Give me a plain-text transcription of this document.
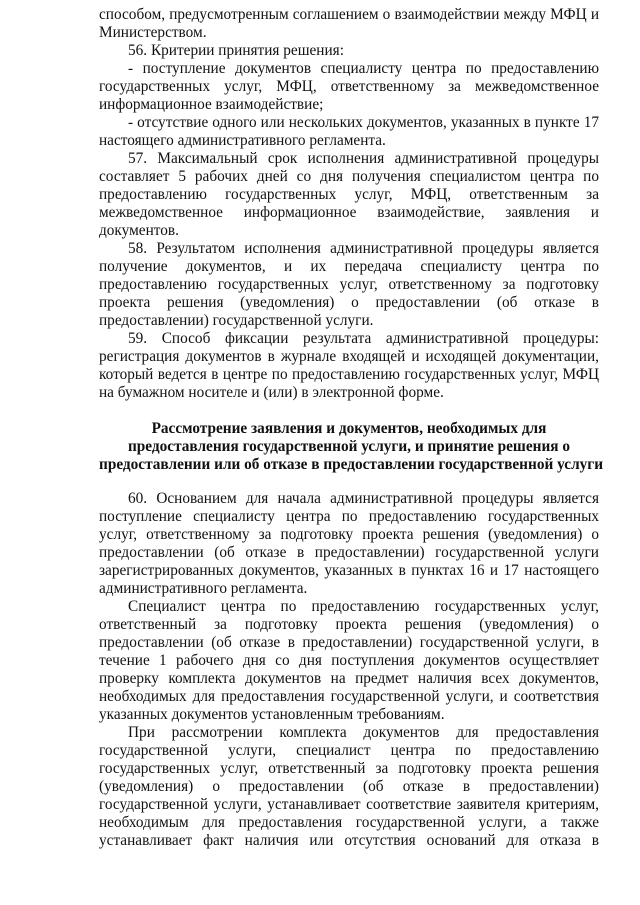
способом, предусмотренным соглашением о взаимодействии между МФЦ и Министерством.

56. Критерии принятия решения:

- поступление документов специалисту центра по предоставлению государственных услуг, МФЦ, ответственному за межведомственное информационное взаимодействие;

- отсутствие одного или нескольких документов, указанных в пункте 17 настоящего административного регламента.

57. Максимальный срок исполнения административной процедуры составляет 5 рабочих дней со дня получения специалистом центра по предоставлению государственных услуг, МФЦ, ответственным за межведомственное информационное взаимодействие, заявления и документов.

58. Результатом исполнения административной процедуры является получение документов, и их передача специалисту центра по предоставлению государственных услуг, ответственному за подготовку проекта решения (уведомления) о предоставлении (об отказе в предоставлении) государственной услуги.

59. Способ фиксации результата административной процедуры: регистрация документов в журнале входящей и исходящей документации, который ведется в центре по предоставлению государственных услуг, МФЦ на бумажном носителе и (или) в электронной форме.

Рассмотрение заявления и документов, необходимых для
предоставления государственной услуги, и принятие решения о
предоставлении или об отказе в предоставлении государственной услуги

60. Основанием для начала административной процедуры является поступление специалисту центра по предоставлению государственных услуг, ответственному за подготовку проекта решения (уведомления) о предоставлении (об отказе в предоставлении) государственной услуги зарегистрированных документов, указанных в пунктах 16 и 17 настоящего административного регламента.

Специалист центра по предоставлению государственных услуг, ответственный за подготовку проекта решения (уведомления) о предоставлении (об отказе в предоставлении) государственной услуги, в течение 1 рабочего дня со дня поступления документов осуществляет проверку комплекта документов на предмет наличия всех документов, необходимых для предоставления государственной услуги, и соответствия указанных документов установленным требованиям.

При рассмотрении комплекта документов для предоставления государственной услуги, специалист центра по предоставлению государственных услуг, ответственный за подготовку проекта решения (уведомления) о предоставлении (об отказе в предоставлении) государственной услуги, устанавливает соответствие заявителя критериям, необходимым для предоставления государственной услуги, а также устанавливает факт наличия или отсутствия оснований для отказа в
